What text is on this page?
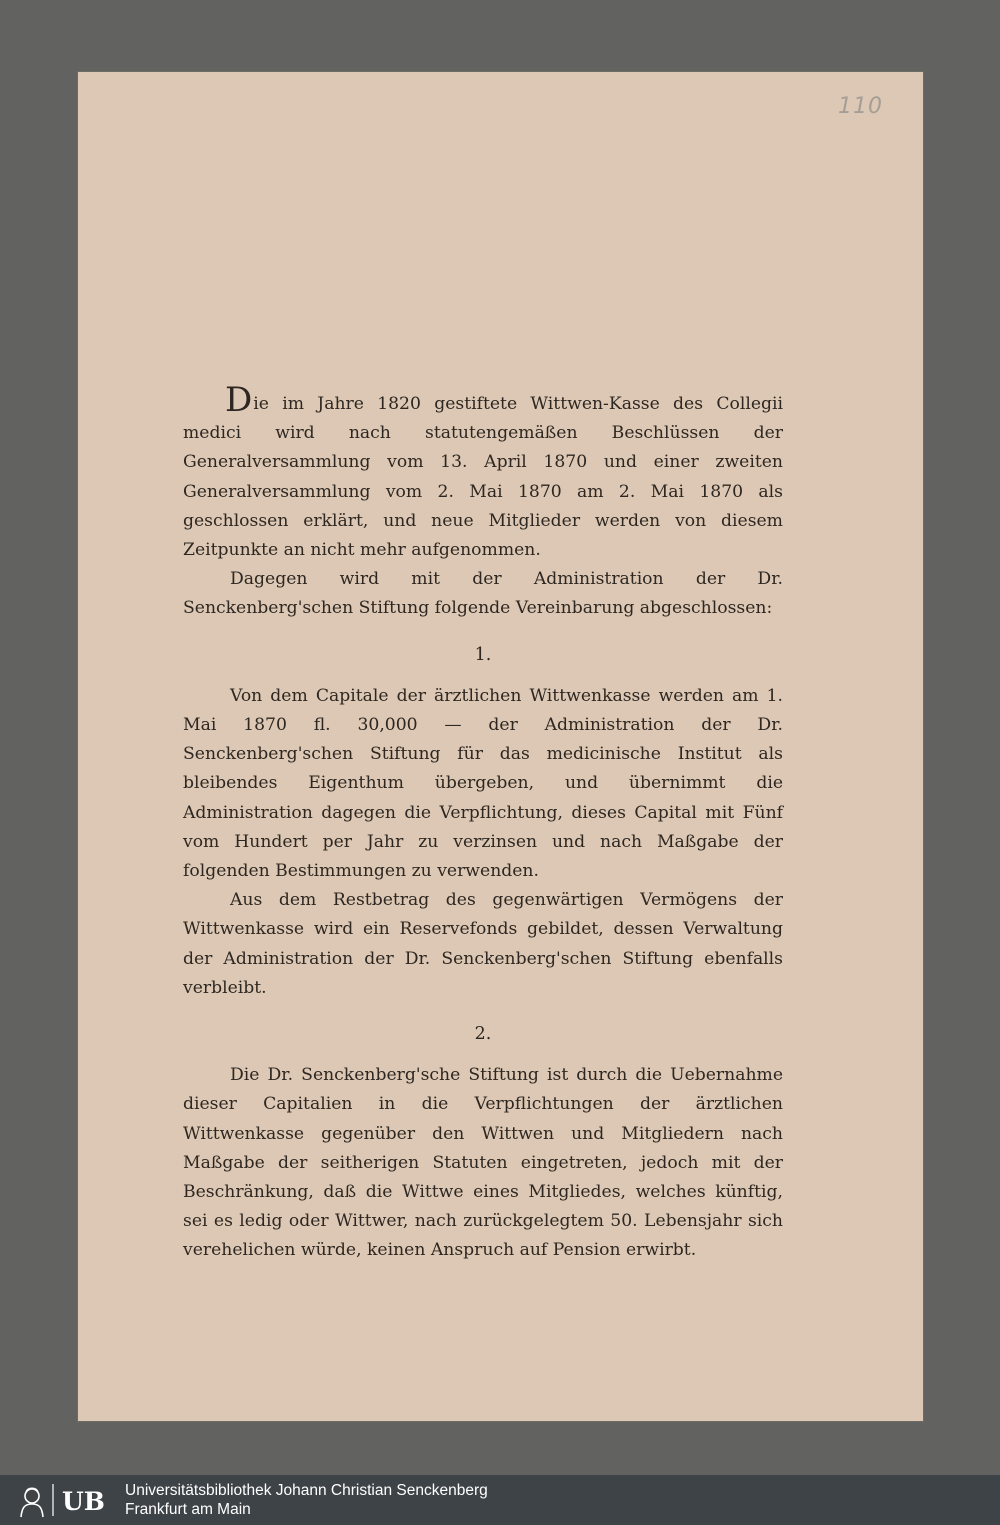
110

Die im Jahre 1820 gestiftete Wittwen-Kasse des Collegii medici wird nach statutengemäßen Beschlüssen der Generalversammlung vom 13. April 1870 und einer zweiten Generalversammlung vom 2. Mai 1870 am 2. Mai 1870 als geschlossen erklärt, und neue Mitglieder werden von diesem Zeitpunkte an nicht mehr aufgenommen.

Dagegen wird mit der Administration der Dr. Senckenberg'schen Stiftung folgende Vereinbarung abgeschlossen:

1.

Von dem Capitale der ärztlichen Wittwenkasse werden am 1. Mai 1870 fl. 30,000 — der Administration der Dr. Senckenberg'schen Stiftung für das medicinische Institut als bleibendes Eigenthum übergeben, und übernimmt die Administration dagegen die Verpflichtung, dieses Capital mit Fünf vom Hundert per Jahr zu verzinsen und nach Maßgabe der folgenden Bestimmungen zu verwenden.

Aus dem Restbetrag des gegenwärtigen Vermögens der Wittwenkasse wird ein Reservefonds gebildet, dessen Verwaltung der Administration der Dr. Senckenberg'schen Stiftung ebenfalls verbleibt.

2.

Die Dr. Senckenberg'sche Stiftung ist durch die Uebernahme dieser Capitalien in die Verpflichtungen der ärztlichen Wittwenkasse gegenüber den Wittwen und Mitgliedern nach Maßgabe der seitherigen Statuten eingetreten, jedoch mit der Beschränkung, daß die Wittwe eines Mitgliedes, welches künftig, sei es ledig oder Wittwer, nach zurückgelegtem 50. Lebensjahr sich verehelichen würde, keinen Anspruch auf Pension erwirbt.

UB Universitätsbibliothek Johann Christian Senckenberg
Frankfurt am Main
